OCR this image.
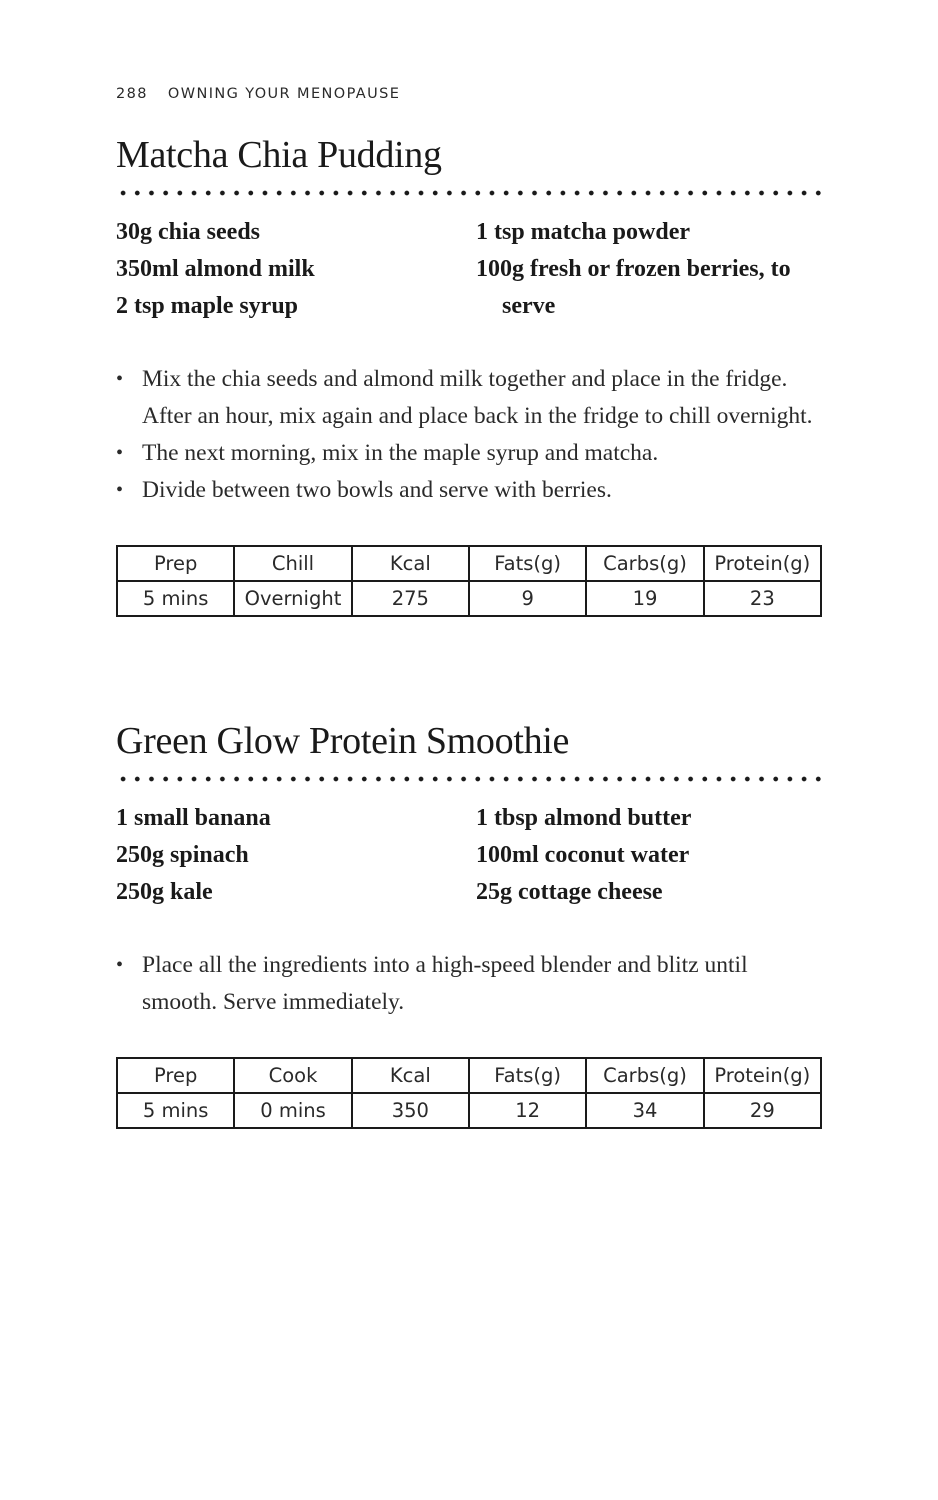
288 OWNING YOUR MENOPAUSE
Matcha Chia Pudding
30g chia seeds
350ml almond milk
2 tsp maple syrup
1 tsp matcha powder
100g fresh or frozen berries, to serve
• Mix the chia seeds and almond milk together and place in the fridge. After an hour, mix again and place back in the fridge to chill overnight.
• The next morning, mix in the maple syrup and matcha.
• Divide between two bowls and serve with berries.
Prep	Chill	Kcal	Fats(g)	Carbs(g)	Protein(g)
5 mins	Overnight	275	9	19	23
Green Glow Protein Smoothie
1 small banana
250g spinach
250g kale
1 tbsp almond butter
100ml coconut water
25g cottage cheese
• Place all the ingredients into a high-speed blender and blitz until smooth. Serve immediately.
Prep	Cook	Kcal	Fats(g)	Carbs(g)	Protein(g)
5 mins	0 mins	350	12	34	29
